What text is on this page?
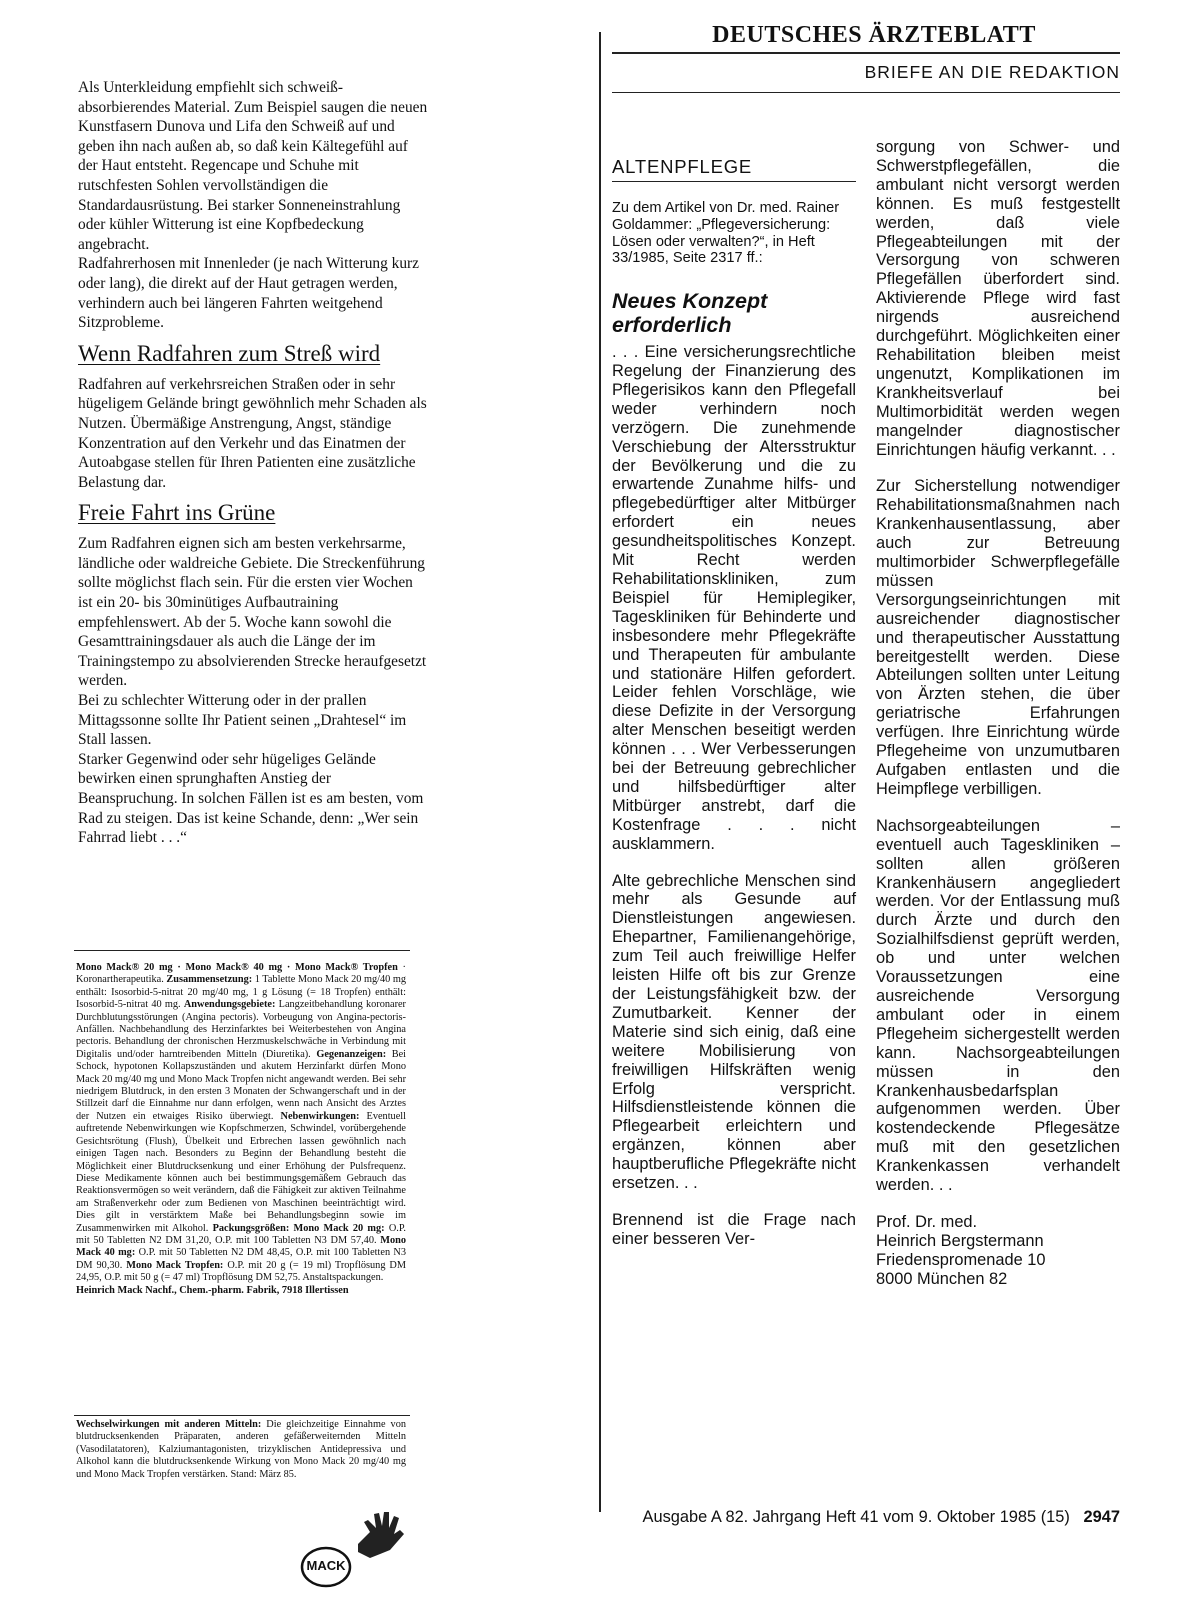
Als Unterkleidung empfiehlt sich schweiß-absorbierendes Material. Zum Beispiel saugen die neuen Kunstfasern Dunova und Lifa den Schweiß auf und geben ihn nach außen ab, so daß kein Kältegefühl auf der Haut entsteht. Regencape und Schuhe mit rutschfesten Sohlen vervollständigen die Standardausrüstung. Bei starker Sonneneinstrahlung oder kühler Witterung ist eine Kopfbedeckung angebracht.

Radfahrerhosen mit Innenleder (je nach Witterung kurz oder lang), die direkt auf der Haut getragen werden, verhindern auch bei längeren Fahrten weitgehend Sitzprobleme.

Wenn Radfahren zum Streß wird

Radfahren auf verkehrsreichen Straßen oder in sehr hügeligem Gelände bringt gewöhnlich mehr Schaden als Nutzen. Übermäßige Anstrengung, Angst, ständige Konzentration auf den Verkehr und das Einatmen der Autoabgase stellen für Ihren Patienten eine zusätzliche Belastung dar.

Freie Fahrt ins Grüne

Zum Radfahren eignen sich am besten verkehrsarme, ländliche oder waldreiche Gebiete. Die Streckenführung sollte möglichst flach sein. Für die ersten vier Wochen ist ein 20- bis 30minütiges Aufbautraining empfehlenswert. Ab der 5. Woche kann sowohl die Gesamttrainingsdauer als auch die Länge der im Trainingstempo zu absolvierenden Strecke heraufgesetzt werden.

Bei zu schlechter Witterung oder in der prallen Mittagssonne sollte Ihr Patient seinen „Drahtesel“ im Stall lassen.

Starker Gegenwind oder sehr hügeliges Gelände bewirken einen sprunghaften Anstieg der Beanspruchung. In solchen Fällen ist es am besten, vom Rad zu steigen. Das ist keine Schande, denn: „Wer sein Fahrrad liebt . . .“

Mono Mack® 20 mg · Mono Mack® 40 mg · Mono Mack® Tropfen · Koronartherapeutika. Zusammensetzung: 1 Tablette Mono Mack 20 mg/40 mg enthält: Isosorbid-5-nitrat 20 mg/40 mg, 1 g Lösung (= 18 Tropfen) enthält: Isosorbid-5-nitrat 40 mg. Anwendungsgebiete: Langzeitbehandlung koronarer Durchblutungsstörungen (Angina pectoris). Vorbeugung von Angina-pectoris-Anfällen. Nachbehandlung des Herzinfarktes bei Weiterbestehen von Angina pectoris. Behandlung der chronischen Herzmuskelschwäche in Verbindung mit Digitalis und/oder harntreibenden Mitteln (Diuretika). Gegenanzeigen: Bei Schock, hypotonen Kollapszuständen und akutem Herzinfarkt dürfen Mono Mack 20 mg/40 mg und Mono Mack Tropfen nicht angewandt werden. Bei sehr niedrigem Blutdruck, in den ersten 3 Monaten der Schwangerschaft und in der Stillzeit darf die Einnahme nur dann erfolgen, wenn nach Ansicht des Arztes der Nutzen ein etwaiges Risiko überwiegt. Nebenwirkungen: Eventuell auftretende Nebenwirkungen wie Kopfschmerzen, Schwindel, vorübergehende Gesichtsrötung (Flush), Übelkeit und Erbrechen lassen gewöhnlich nach einigen Tagen nach. Besonders zu Beginn der Behandlung besteht die Möglichkeit einer Blutdrucksenkung und einer Erhöhung der Pulsfrequenz. Diese Medikamente können auch bei bestimmungsgemäßem Gebrauch das Reaktionsvermögen so weit verändern, daß die Fähigkeit zur aktiven Teilnahme am Straßenverkehr oder zum Bedienen von Maschinen beeinträchtigt wird. Dies gilt in verstärktem Maße bei Behandlungsbeginn sowie im Zusammenwirken mit Alkohol. Packungsgrößen: Mono Mack 20 mg: O.P. mit 50 Tabletten N2 DM 31,20, O.P. mit 100 Tabletten N3 DM 57,40. Mono Mack 40 mg: O.P. mit 50 Tabletten N2 DM 48,45, O.P. mit 100 Tabletten N3 DM 90,30. Mono Mack Tropfen: O.P. mit 20 g (= 19 ml) Tropflösung DM 24,95, O.P. mit 50 g (= 47 ml) Tropflösung DM 52,75. Anstaltspackungen.
Heinrich Mack Nachf., Chem.-pharm. Fabrik, 7918 Illertissen
Wechselwirkungen mit anderen Mitteln: Die gleichzeitige Einnahme von blutdrucksenkenden Präparaten, anderen gefäßerweiternden Mitteln (Vasodilatatoren), Kalziumantagonisten, trizyklischen Antidepressiva und Alkohol kann die blutdrucksenkende Wirkung von Mono Mack 20 mg/40 mg und Mono Mack Tropfen verstärken. Stand: März 85.
MACK
DEUTSCHES ÄRZTEBLATT
BRIEFE AN DIE REDAKTION
ALTENPFLEGE
Zu dem Artikel von Dr. med. Rainer Goldammer: „Pflegeversicherung: Lösen oder verwalten?“, in Heft 33/1985, Seite 2317 ff.:
Neues Konzept erforderlich

. . . Eine versicherungsrechtliche Regelung der Finanzierung des Pflegerisikos kann den Pflegefall weder verhindern noch verzögern. Die zunehmende Verschiebung der Altersstruktur der Bevölkerung und die zu erwartende Zunahme hilfs- und pflegebedürftiger alter Mitbürger erfordert ein neues gesundheitspolitisches Konzept. Mit Recht werden Rehabilitationskliniken, zum Beispiel für Hemiplegiker, Tageskliniken für Behinderte und insbesondere mehr Pflegekräfte und Therapeuten für ambulante und stationäre Hilfen gefordert. Leider fehlen Vorschläge, wie diese Defizite in der Versorgung alter Menschen beseitigt werden können . . . Wer Verbesserungen bei der Betreuung gebrechlicher und hilfsbedürftiger alter Mitbürger anstrebt, darf die Kostenfrage . . . nicht ausklammern.

Alte gebrechliche Menschen sind mehr als Gesunde auf Dienstleistungen angewiesen. Ehepartner, Familienangehörige, zum Teil auch freiwillige Helfer leisten Hilfe oft bis zur Grenze der Leistungsfähigkeit bzw. der Zumutbarkeit. Kenner der Materie sind sich einig, daß eine weitere Mobilisierung von freiwilligen Hilfskräften wenig Erfolg verspricht. Hilfsdienstleistende können die Pflegearbeit erleichtern und ergänzen, können aber hauptberufliche Pflegekräfte nicht ersetzen. . .

Brennend ist die Frage nach einer besseren Ver-

sorgung von Schwer- und Schwerstpflegefällen, die ambulant nicht versorgt werden können. Es muß festgestellt werden, daß viele Pflegeabteilungen mit der Versorgung von schweren Pflegefällen überfordert sind. Aktivierende Pflege wird fast nirgends ausreichend durchgeführt. Möglichkeiten einer Rehabilitation bleiben meist ungenutzt, Komplikationen im Krankheitsverlauf bei Multimorbidität werden wegen mangelnder diagnostischer Einrichtungen häufig verkannt. . .

Zur Sicherstellung notwendiger Rehabilitationsmaßnahmen nach Krankenhausentlassung, aber auch zur Betreuung multimorbider Schwerpflegefälle müssen Versorgungseinrichtungen mit ausreichender diagnostischer und therapeutischer Ausstattung bereitgestellt werden. Diese Abteilungen sollten unter Leitung von Ärzten stehen, die über geriatrische Erfahrungen verfügen. Ihre Einrichtung würde Pflegeheime von unzumutbaren Aufgaben entlasten und die Heimpflege verbilligen.

Nachsorgeabteilungen – eventuell auch Tageskliniken – sollten allen größeren Krankenhäusern angegliedert werden. Vor der Entlassung muß durch Ärzte und durch den Sozialhilfsdienst geprüft werden, ob und unter welchen Voraussetzungen eine ausreichende Versorgung ambulant oder in einem Pflegeheim sichergestellt werden kann. Nachsorgeabteilungen müssen in den Krankenhausbedarfsplan aufgenommen werden. Über kostendeckende Pflegesätze muß mit den gesetzlichen Krankenkassen verhandelt werden. . .

Prof. Dr. med.
Heinrich Bergstermann
Friedenspromenade 10
8000 München 82
Ausgabe A 82. Jahrgang Heft 41 vom 9. Oktober 1985 (15) 2947
